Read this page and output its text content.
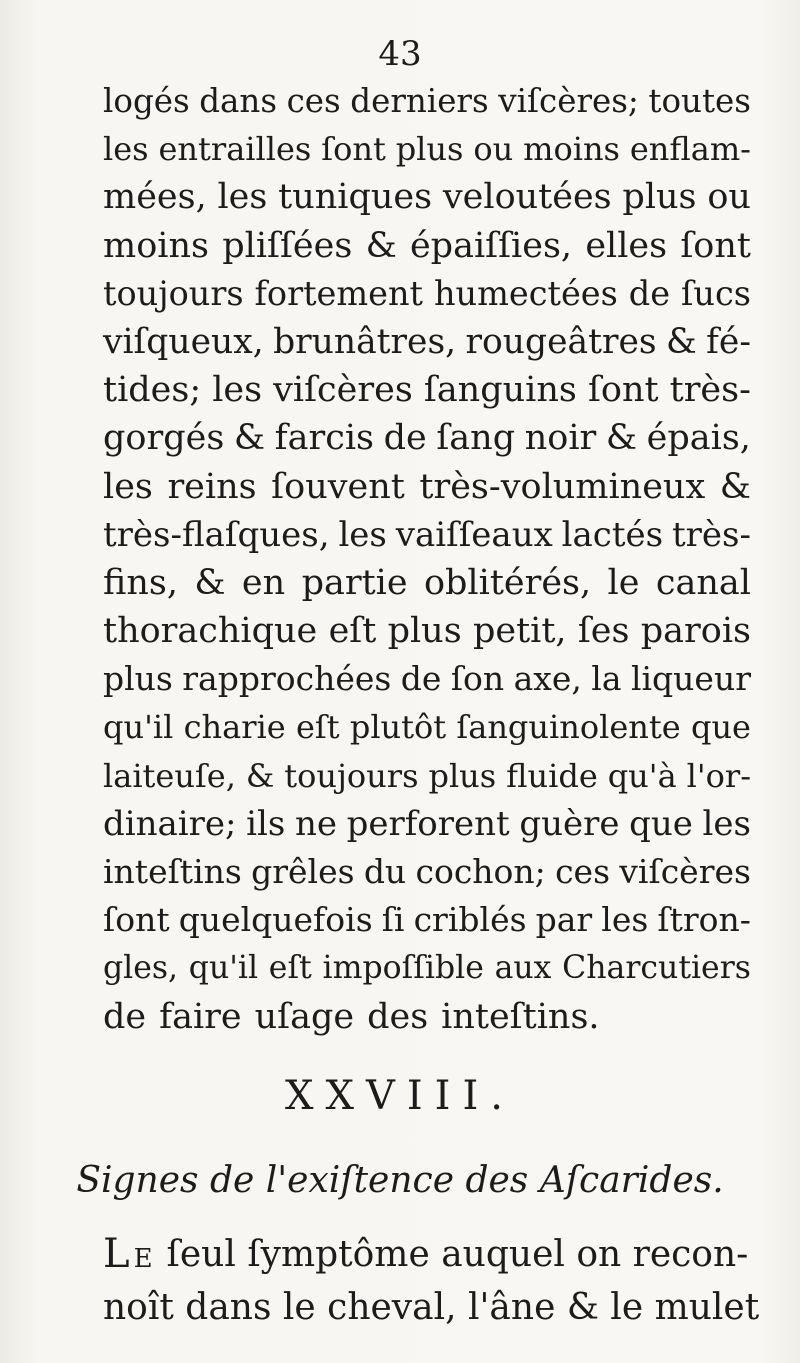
43
logés dans ces derniers viſcères; toutes
les entrailles ſont plus ou moins enflam-
mées, les tuniques veloutées plus ou
moins pliſſées & épaiſſies, elles ſont
toujours fortement humectées de ſucs
viſqueux, brunâtres, rougeâtres & fé-
tides; les viſcères ſanguins ſont très-
gorgés & farcis de ſang noir & épais,
les reins ſouvent très-volumineux &
très-flaſques, les vaiſſeaux lactés très-
fins, & en partie oblitérés, le canal
thorachique eſt plus petit, ſes parois
plus rapprochées de ſon axe, la liqueur
qu'il charie eſt plutôt ſanguinolente que
laiteuſe, & toujours plus fluide qu'à l'or-
dinaire; ils ne perforent guère que les
inteſtins grêles du cochon; ces viſcères
ſont quelquefois ſi criblés par les ſtron-
gles, qu'il eſt impoſſible aux Charcutiers
de faire uſage des inteſtins.
XXVIII.
Signes de l'exiſtence des Aſcarides.
L E ſeul ſymptôme auquel on recon-
noît dans le cheval, l'âne & le mulet
